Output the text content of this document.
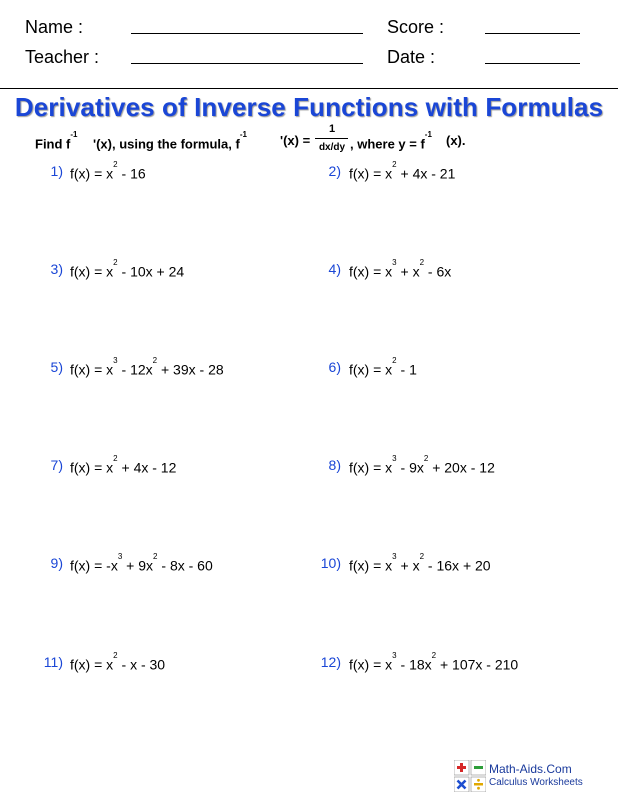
Name :	Score :
Teacher :	Date :
Derivatives of Inverse Functions with Formulas
Find $f^{-1}$
'(x), using the formula, $f^{-1}$	'(x) =
1
dx/dy , where $y = f^{-1}$ (x).
1) $f(x) = x^2 - 16$	2) $f(x) = x^2 + 4x - 21$
3) $f(x) = x^2 - 10x + 24$	4) $f(x) = x^3 + x^2 - 6x$
5) $f(x) = x^3 - 12x^2 + 39x - 28$	6) $f(x) = x^2 - 1$
7) $f(x) = x^2 + 4x - 12$	8) $f(x) = x^3 - 9x^2 + 20x - 12$
9) $f(x) = -x^3 + 9x^2 - 8x - 60$	10) $f(x) = x^3 + x^2 - 16x + 20$
11) $f(x) = x^2 - x - 30$	12) $f(x) = x^3 - 18x^2 + 107x - 210$
Math-Aids.Com
Calculus Worksheets
